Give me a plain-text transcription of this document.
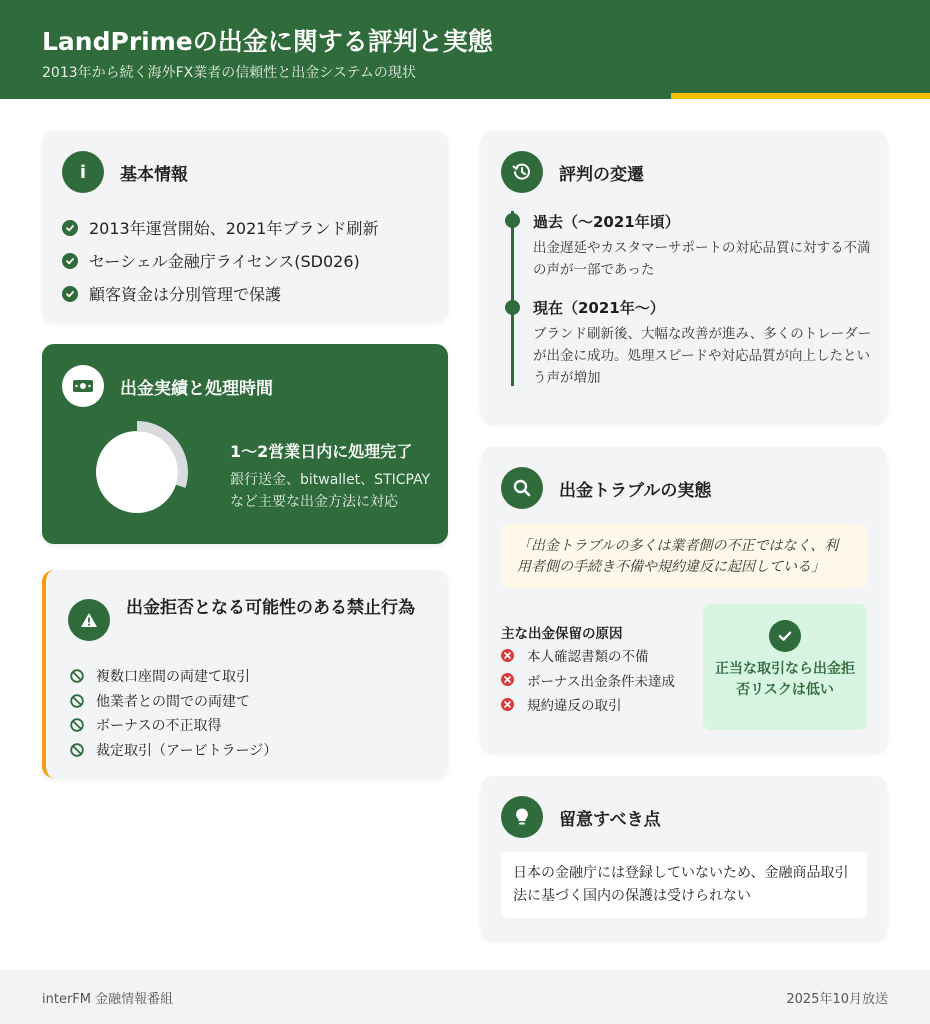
LandPrimeの出金に関する評判と実態
2013年から続く海外FX業者の信頼性と出金システムの現状
i 基本情報
2013年運営開始、2021年ブランド刷新
セーシェル金融庁ライセンス(SD026)
顧客資金は分別管理で保護
出金実績と処理時間
1〜2営業日内に処理完了
銀行送金、bitwallet、STICPAY
など主要な出金方法に対応
出金拒否となる可能性のある禁止行為
複数口座間の両建て取引
他業者との間での両建て
ボーナスの不正取得
裁定取引（アービトラージ）
評判の変遷
過去（〜2021年頃）
出金遅延やカスタマーサポートの対応品質に対する不満の声が一部であった
現在（2021年〜）
ブランド刷新後、大幅な改善が進み、多くのトレーダーが出金に成功。処理スピードや対応品質が向上したという声が増加
出金トラブルの実態
「出金トラブルの多くは業者側の不正ではなく、利用者側の手続き不備や規約違反に起因している」
主な出金保留の原因
本人確認書類の不備
ボーナス出金条件未達成
規約違反の取引
正当な取引なら出金拒否リスクは低い
留意すべき点
日本の金融庁には登録していないため、金融商品取引法に基づく国内の保護は受けられない
interFM 金融情報番組	2025年10月放送
